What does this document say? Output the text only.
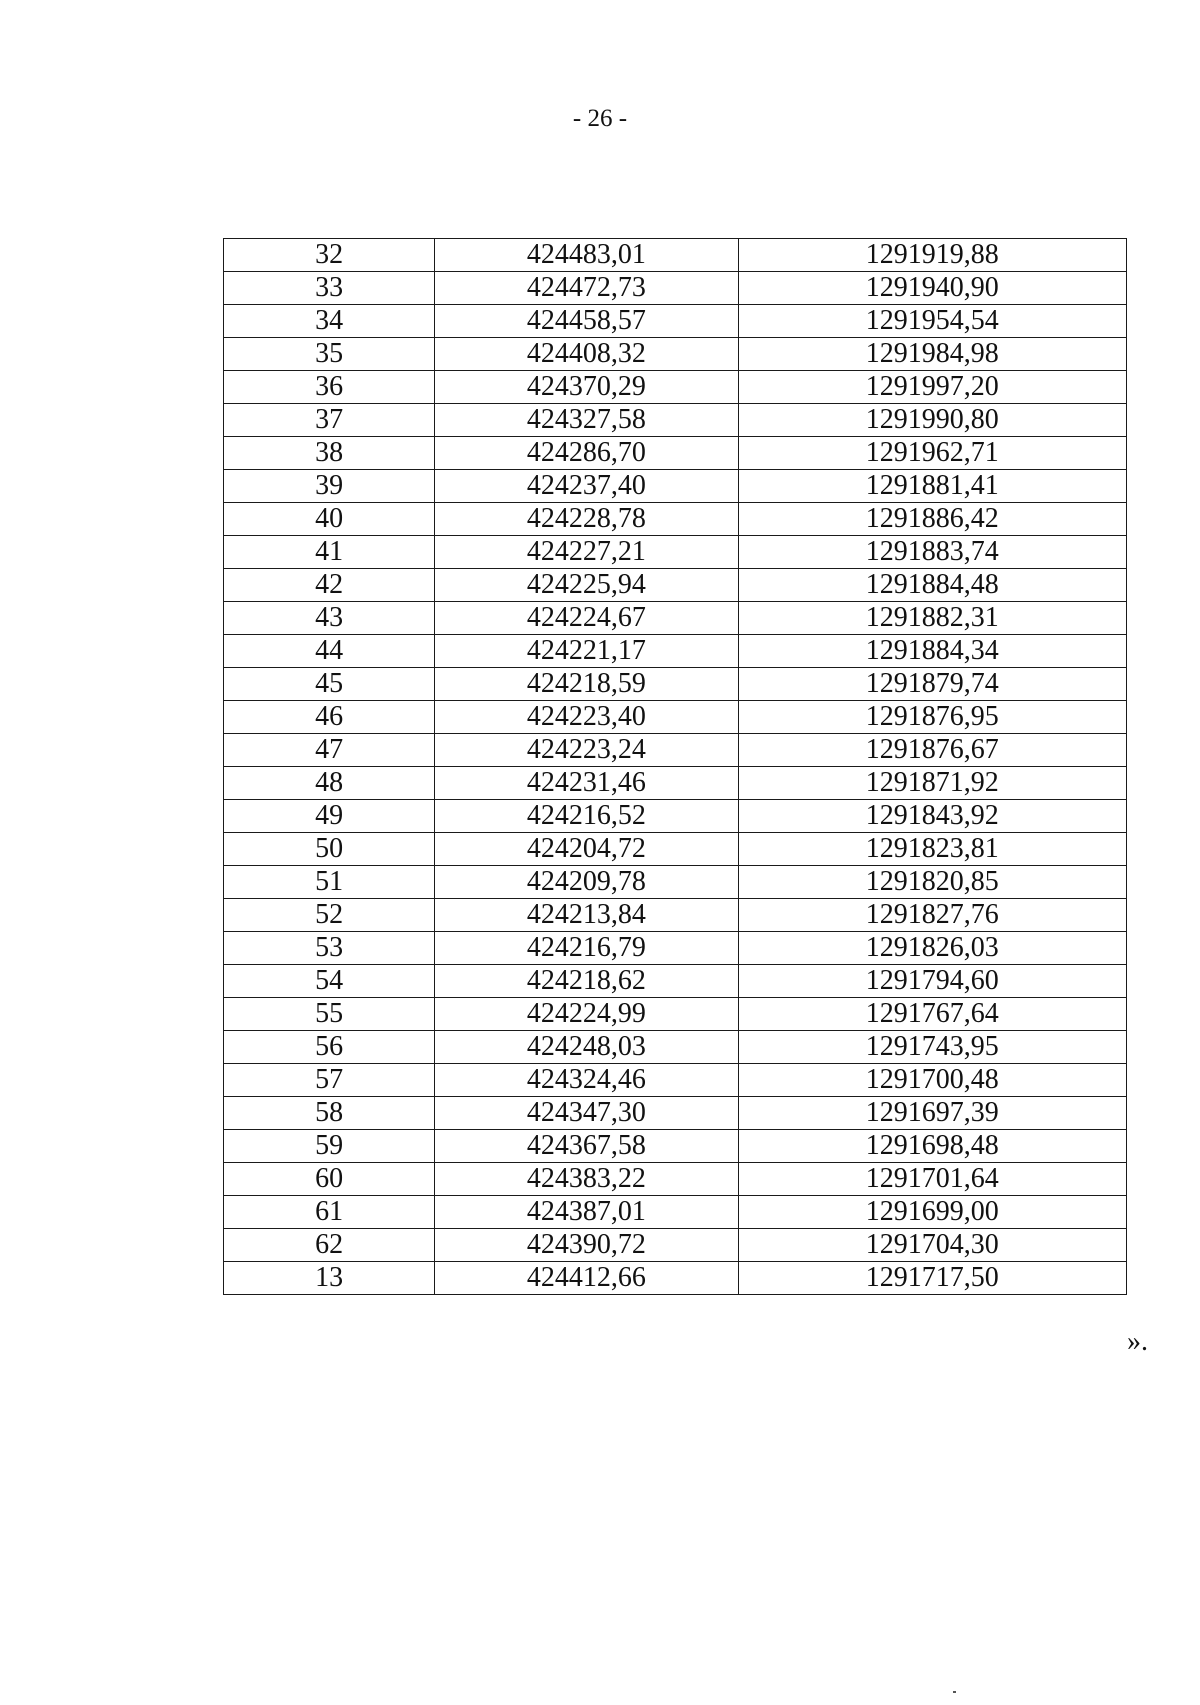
- 26 -
32	424483,01	1291919,88
33	424472,73	1291940,90
34	424458,57	1291954,54
35	424408,32	1291984,98
36	424370,29	1291997,20
37	424327,58	1291990,80
38	424286,70	1291962,71
39	424237,40	1291881,41
40	424228,78	1291886,42
41	424227,21	1291883,74
42	424225,94	1291884,48
43	424224,67	1291882,31
44	424221,17	1291884,34
45	424218,59	1291879,74
46	424223,40	1291876,95
47	424223,24	1291876,67
48	424231,46	1291871,92
49	424216,52	1291843,92
50	424204,72	1291823,81
51	424209,78	1291820,85
52	424213,84	1291827,76
53	424216,79	1291826,03
54	424218,62	1291794,60
55	424224,99	1291767,64
56	424248,03	1291743,95
57	424324,46	1291700,48
58	424347,30	1291697,39
59	424367,58	1291698,48
60	424383,22	1291701,64
61	424387,01	1291699,00
62	424390,72	1291704,30
13	424412,66	1291717,50
».
